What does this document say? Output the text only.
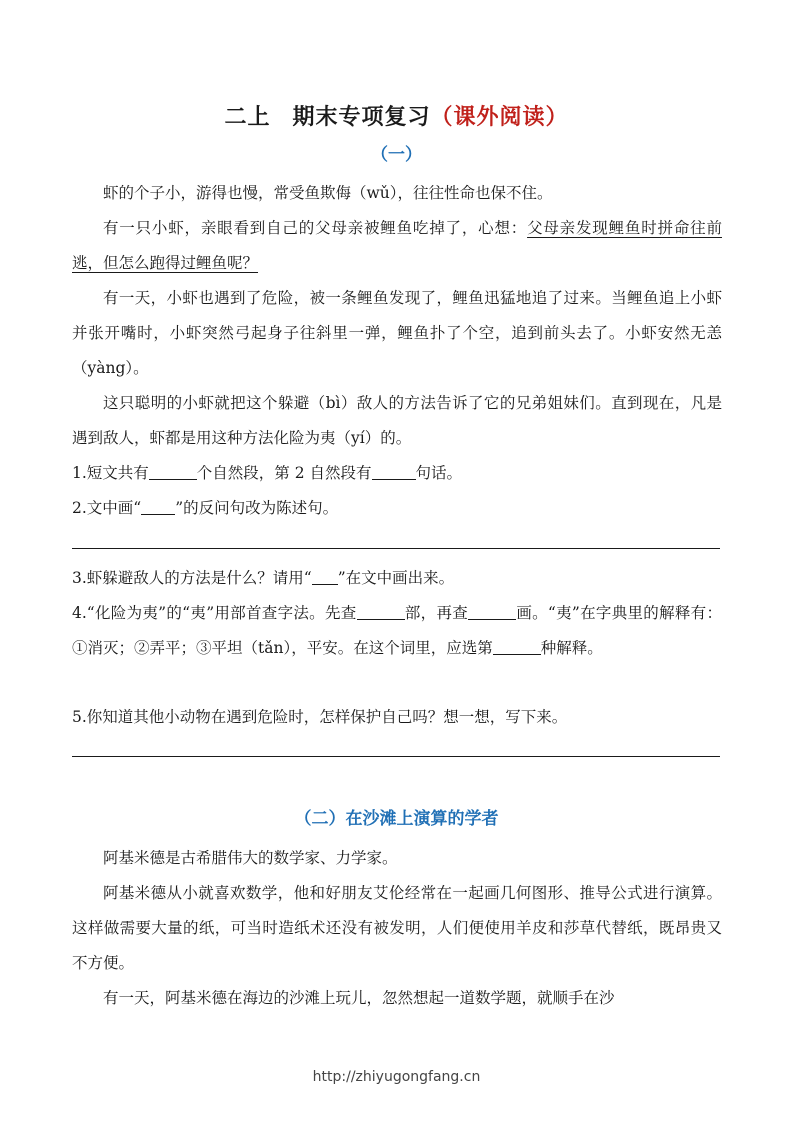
二上 期末专项复习（课外阅读）
（一）
虾的个子小，游得也慢，常受鱼欺侮（wǔ），往往性命也保不住。
有一只小虾，亲眼看到自己的父母亲被鲤鱼吃掉了，心想：父母亲发现鲤鱼时拼命往前逃，但怎么跑得过鲤鱼呢？
有一天，小虾也遇到了危险，被一条鲤鱼发现了，鲤鱼迅猛地追了过来。当鲤鱼追上小虾并张开嘴时，小虾突然弓起身子往斜里一弹，鲤鱼扑了个空，追到前头去了。小虾安然无恙（yàng）。
这只聪明的小虾就把这个躲避（bì）敌人的方法告诉了它的兄弟姐妹们。直到现在，凡是遇到敌人，虾都是用这种方法化险为夷（yí）的。
1.短文共有	个自然段，第 2 自然段有	句话。
2.文中画“ ”的反问句改为陈述句。
3.虾躲避敌人的方法是什么？请用“ ”在文中画出来。
4.“化险为夷”的“夷”用部首查字法。先查	部，再查	画。“夷”在字典里的解释有：①消灭；②弄平；③平坦（tǎn），平安。在这个词里，应选第	种解释。
5.你知道其他小动物在遇到危险时，怎样保护自己吗？想一想，写下来。
（二）在沙滩上演算的学者
阿基米德是古希腊伟大的数学家、力学家。
阿基米德从小就喜欢数学，他和好朋友艾伦经常在一起画几何图形、推导公式进行演算。这样做需要大量的纸，可当时造纸术还没有被发明，人们便使用羊皮和莎草代替纸，既昂贵又不方便。
有一天，阿基米德在海边的沙滩上玩儿，忽然想起一道数学题，就顺手在沙
http://zhiyugongfang.cn
